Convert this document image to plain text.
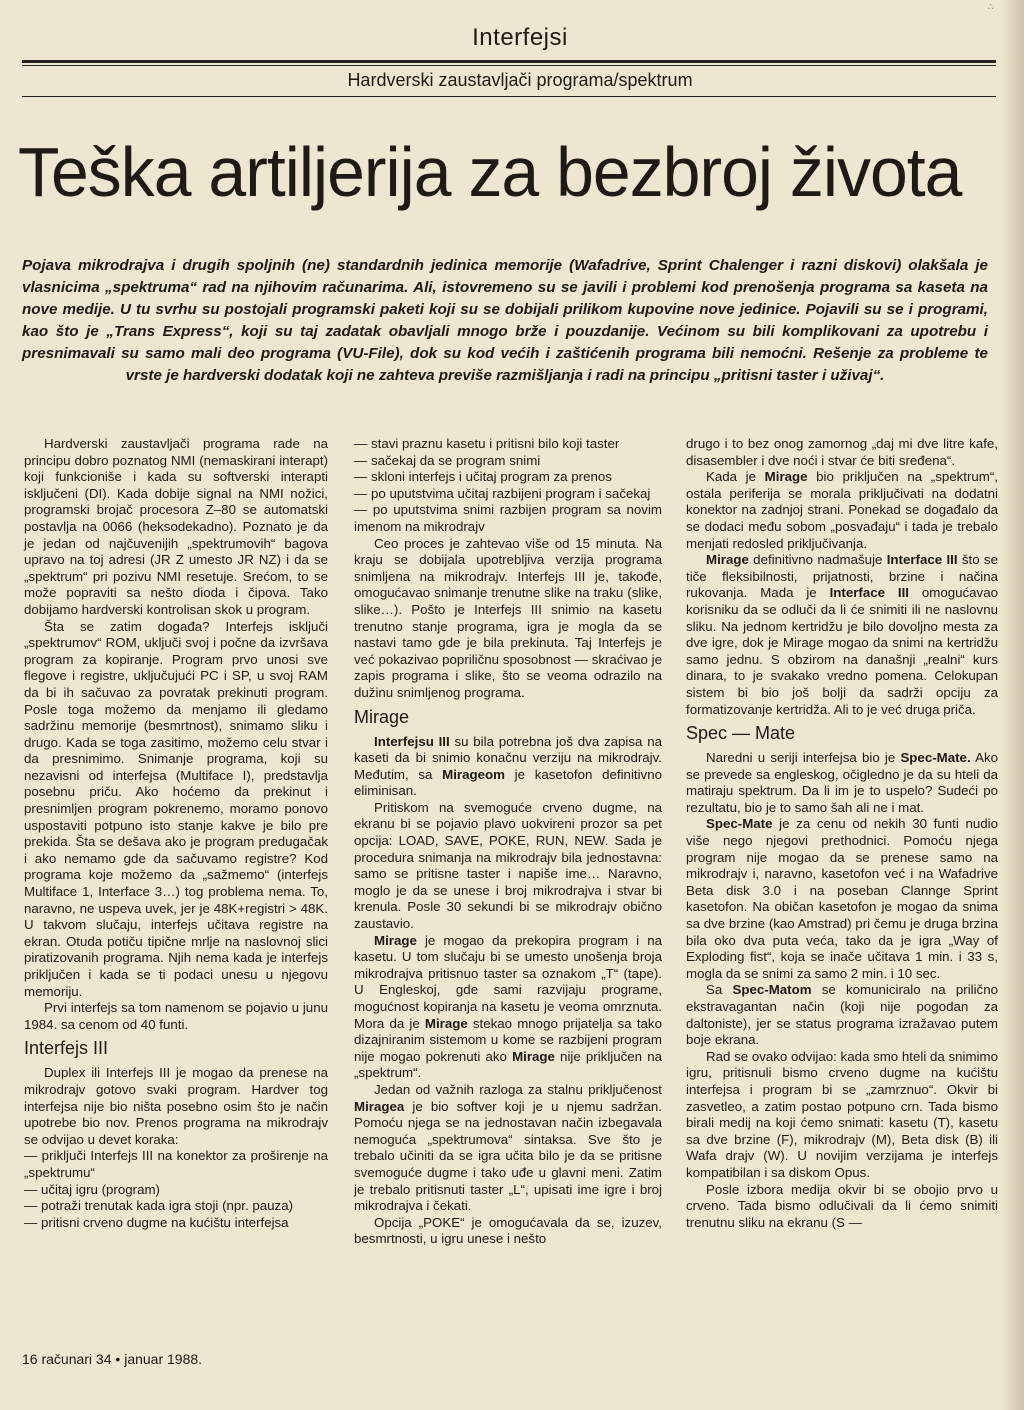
∴
Interfejsi
Hardverski zaustavljači programa/spektrum
Teška artiljerija za bezbroj života
Pojava mikrodrajva i drugih spoljnih (ne) standardnih jedinica memorije (Wafadrive, Sprint Chalenger i razni diskovi) olakšala je vlasnicima „spektruma“ rad na njihovim računarima. Ali, istovremeno su se javili i problemi kod prenošenja programa sa kaseta na nove medije. U tu svrhu su postojali programski paketi koji su se dobijali prilikom kupovine nove jedinice. Pojavili su se i programi, kao što je „Trans Express“, koji su taj zadatak obavljali mnogo brže i pouzdanije. Većinom su bili komplikovani za upotrebu i presnimavali su samo mali deo programa (VU-File), dok su kod većih i zaštićenih programa bili nemoćni. Rešenje za probleme te vrste je hardverski dodatak koji ne zahteva previše razmišljanja i radi na principu „pritisni taster i uživaj“.

Hardverski zaustavljači programa rade na principu dobro poznatog NMI (nemaskirani interapt) koji funkcioniše i kada su softverski interapti isključeni (DI). Kada dobije signal na NMI nožici, programski brojač procesora Z–80 se automatski postavlja na 0066 (heksodekadno). Poznato je da je jedan od najčuvenijih „spektrumovih“ bagova upravo na toj adresi (JR Z umesto JR NZ) i da se „spektrum“ pri pozivu NMI resetuje. Srećom, to se može popraviti sa nešto dioda i čipova. Tako dobijamo hardverski kontrolisan skok u program.

Šta se zatim događa? Interfejs isključi „spektrumov“ ROM, uključi svoj i počne da izvršava program za kopiranje. Program prvo unosi sve flegove i registre, uključujući PC i SP, u svoj RAM da bi ih sačuvao za povratak prekinuti program. Posle toga možemo da menjamo ili gledamo sadržinu memorije (besmrtnost), snimamo sliku i drugo. Kada se toga zasitimo, možemo celu stvar i da presnimimo. Snimanje programa, koji su nezavisni od interfejsa (Multiface I), predstavlja posebnu priču. Ako hoćemo da prekinut i presnimljen program pokrenemo, moramo ponovo uspostaviti potpuno isto stanje kakve je bilo pre prekida. Šta se dešava ako je program predugačak i ako nemamo gde da sačuvamo registre? Kod programa koje možemo da „sažmemo“ (interfejs Multiface 1, Interface 3…) tog problema nema. To, naravno, ne uspeva uvek, jer je 48K+registri > 48K. U takvom slučaju, interfejs učitava registre na ekran. Otuda potiču tipične mrlje na naslovnoj slici piratizovanih programa. Njih nema kada je interfejs priključen i kada se ti podaci unesu u njegovu memoriju.

Prvi interfejs sa tom namenom se pojavio u junu 1984. sa cenom od 40 funti.

Interfejs III

Duplex ili Interfejs III je mogao da prenese na mikrodrajv gotovo svaki program. Hardver tog interfejsa nije bio ništa posebno osim što je način upotrebe bio nov. Prenos programa na mikrodrajv se odvijao u devet koraka:

— priključi Interfejs III na konektor za proširenje na „spektrumu“

— učitaj igru (program)

— potraži trenutak kada igra stoji (npr. pauza)

— pritisni crveno dugme na kućištu interfejsa

— stavi praznu kasetu i pritisni bilo koji taster

— sačekaj da se program snimi

— skloni interfejs i učitaj program za prenos

— po uputstvima učitaj razbijeni program i sačekaj

— po uputstvima snimi razbijen program sa novim imenom na mikrodrajv

Ceo proces je zahtevao više od 15 minuta. Na kraju se dobijala upotrebljiva verzija programa snimljena na mikrodrajv. Interfejs III je, takođe, omogućavao snimanje trenutne slike na traku (slike, slike…). Pošto je Interfejs III snimio na kasetu trenutno stanje programa, igra je mogla da se nastavi tamo gde je bila prekinuta. Taj Interfejs je već pokazivao popriličnu sposobnost — skraćivao je zapis programa i slike, što se veoma odrazilo na dužinu snimljenog programa.

Mirage

Interfejsu III su bila potrebna još dva zapisa na kaseti da bi snimio konačnu verziju na mikrodrajv. Međutim, sa Mirageom je kasetofon definitivno eliminisan.

Pritiskom na svemoguće crveno dugme, na ekranu bi se pojavio plavo uokvireni prozor sa pet opcija: LOAD, SAVE, POKE, RUN, NEW. Sada je procedura snimanja na mikrodrajv bila jednostavna: samo se pritisne taster i napiše ime… Naravno, moglo je da se unese i broj mikrodrajva i stvar bi krenula. Posle 30 sekundi bi se mikrodrajv obično zaustavio.

Mirage je mogao da prekopira program i na kasetu. U tom slučaju bi se umesto unošenja broja mikrodrajva pritisnuo taster sa oznakom „T“ (tape). U Engleskoj, gde sami razvijaju programe, mogućnost kopiranja na kasetu je veoma omrznuta. Mora da je Mirage stekao mnogo prijatelja sa tako dizajniranim sistemom u kome se razbijeni program nije mogao pokrenuti ako Mirage nije priključen na „spektrum“.

Jedan od važnih razloga za stalnu priključenost Miragea je bio softver koji je u njemu sadržan. Pomoću njega se na jednostavan način izbegavala nemoguća „spektrumova“ sintaksa. Sve što je trebalo učiniti da se igra učita bilo je da se pritisne svemoguće dugme i tako uđe u glavni meni. Zatim je trebalo pritisnuti taster „L“, upisati ime igre i broj mikrodrajva i čekati.

Opcija „POKE“ je omogućavala da se, izuzev, besmrtnosti, u igru unese i nešto

drugo i to bez onog zamornog „daj mi dve litre kafe, disasembler i dve noći i stvar će biti sređena“.

Kada je Mirage bio priključen na „spektrum“, ostala periferija se morala priključivati na dodatni konektor na zadnjoj strani. Ponekad se događalo da se dodaci među sobom „posvađaju“ i tada je trebalo menjati redosled priključivanja.

Mirage definitivno nadmašuje Interface III što se tiče fleksibilnosti, prijatnosti, brzine i načina rukovanja. Mada je Interface III omogućavao korisniku da se odluči da li će snimiti ili ne naslovnu sliku. Na jednom kertridžu je bilo dovoljno mesta za dve igre, dok je Mirage mogao da snimi na kertridžu samo jednu. S obzirom na današnji „realni“ kurs dinara, to je svakako vredno pomena. Celokupan sistem bi bio još bolji da sadrži opciju za formatizovanje kertridža. Ali to je već druga priča.

Spec — Mate

Naredni u seriji interfejsa bio je Spec-Mate. Ako se prevede sa engleskog, očigledno je da su hteli da matiraju spektrum. Da li im je to uspelo? Sudeći po rezultatu, bio je to samo šah ali ne i mat.

Spec-Mate je za cenu od nekih 30 funti nudio više nego njegovi prethodnici. Pomoću njega program nije mogao da se prenese samo na mikrodrajv i, naravno, kasetofon već i na Wafadrive Beta disk 3.0 i na poseban Clannge Sprint kasetofon. Na običan kasetofon je mogao da snima sa dve brzine (kao Amstrad) pri čemu je druga brzina bila oko dva puta veća, tako da je igra „Way of Exploding fist“, koja se inače učitava 1 min. i 33 s, mogla da se snimi za samo 2 min. i 10 sec.

Sa Spec-Matom se komuniciralo na prilično ekstravagantan način (koji nije pogodan za daltoniste), jer se status programa izražavao putem boje ekrana.

Rad se ovako odvijao: kada smo hteli da snimimo igru, pritisnuli bismo crveno dugme na kućištu interfejsa i program bi se „zamrznuo“. Okvir bi zasvetleo, a zatim postao potpuno crn. Tada bismo birali medij na koji ćemo snimati: kasetu (T), kasetu sa dve brzine (F), mikrodrajv (M), Beta disk (B) ili Wafa drajv (W). U novijim verzijama je interfejs kompatibilan i sa diskom Opus.

Posle izbora medija okvir bi se obojio prvo u crveno. Tada bismo odlučivali da li ćemo snimiti trenutnu sliku na ekranu (S —

16 računari 34 • januar 1988.
